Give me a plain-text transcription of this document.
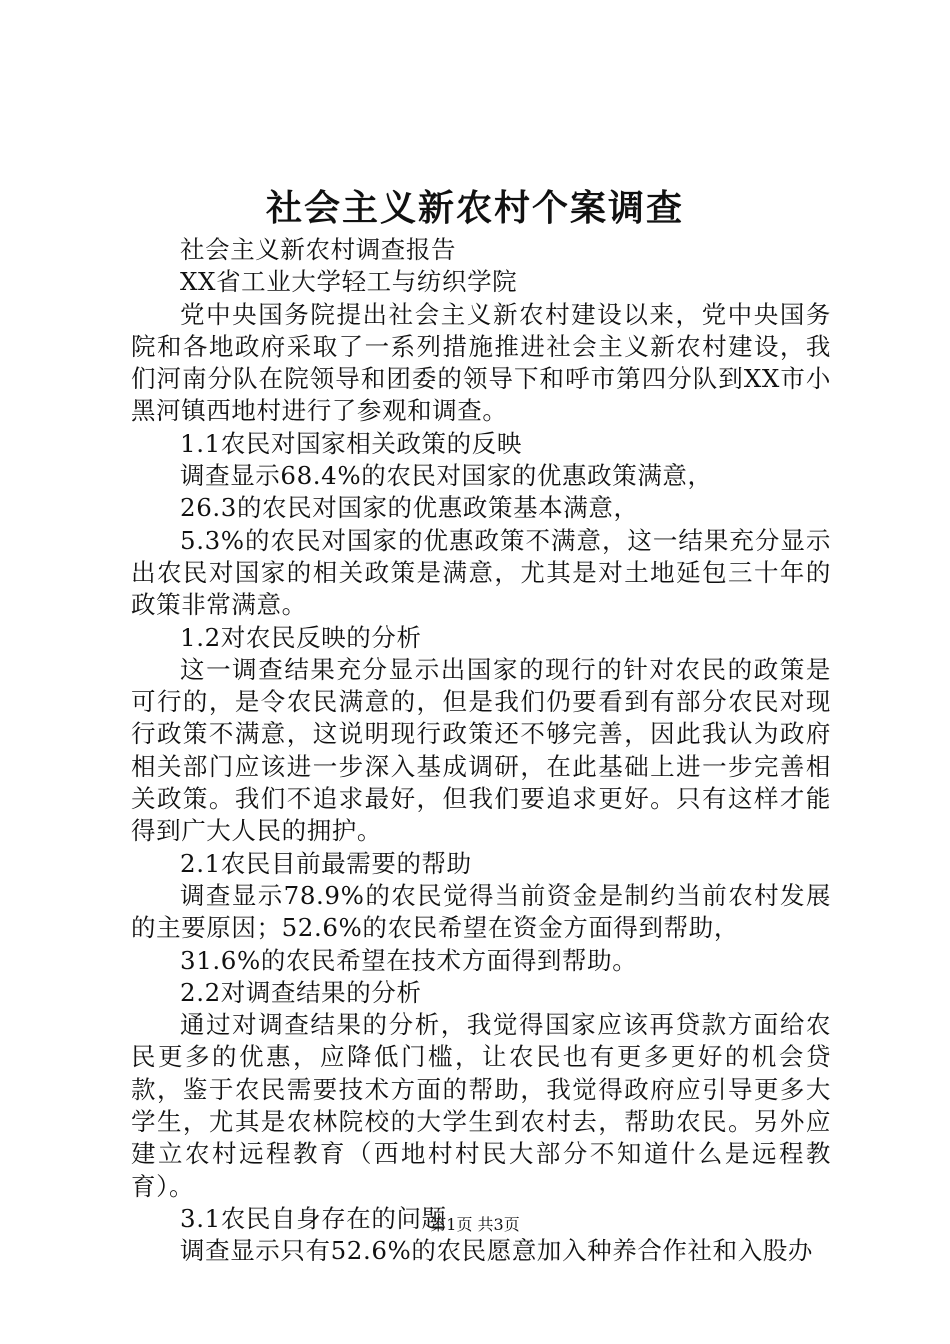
社会主义新农村个案调查

社会主义新农村调查报告

XX省工业大学轻工与纺织学院

党中央国务院提出社会主义新农村建设以来，党中央国务院和各地政府采取了一系列措施推进社会主义新农村建设，我们河南分队在院领导和团委的领导下和呼市第四分队到XX市小黑河镇西地村进行了参观和调查。

1.1农民对国家相关政策的反映

调查显示68.4%的农民对国家的优惠政策满意，

26.3的农民对国家的优惠政策基本满意，

5.3%的农民对国家的优惠政策不满意，这一结果充分显示出农民对国家的相关政策是满意，尤其是对土地延包三十年的政策非常满意。

1.2对农民反映的分析

这一调查结果充分显示出国家的现行的针对农民的政策是可行的，是令农民满意的，但是我们仍要看到有部分农民对现行政策不满意，这说明现行政策还不够完善，因此我认为政府相关部门应该进一步深入基成调研，在此基础上进一步完善相关政策。我们不追求最好，但我们要追求更好。只有这样才能得到广大人民的拥护。

2.1农民目前最需要的帮助

调查显示78.9%的农民觉得当前资金是制约当前农村发展的主要原因；52.6%的农民希望在资金方面得到帮助，

31.6%的农民希望在技术方面得到帮助。

2.2对调查结果的分析

通过对调查结果的分析，我觉得国家应该再贷款方面给农民更多的优惠，应降低门槛，让农民也有更多更好的机会贷款，鉴于农民需要技术方面的帮助，我觉得政府应引导更多大学生，尤其是农林院校的大学生到农村去，帮助农民。另外应建立农村远程教育（西地村村民大部分不知道什么是远程教育）。

3.1农民自身存在的问题

调查显示只有52.6%的农民愿意加入种养合作社和入股办

第1页 共3页
